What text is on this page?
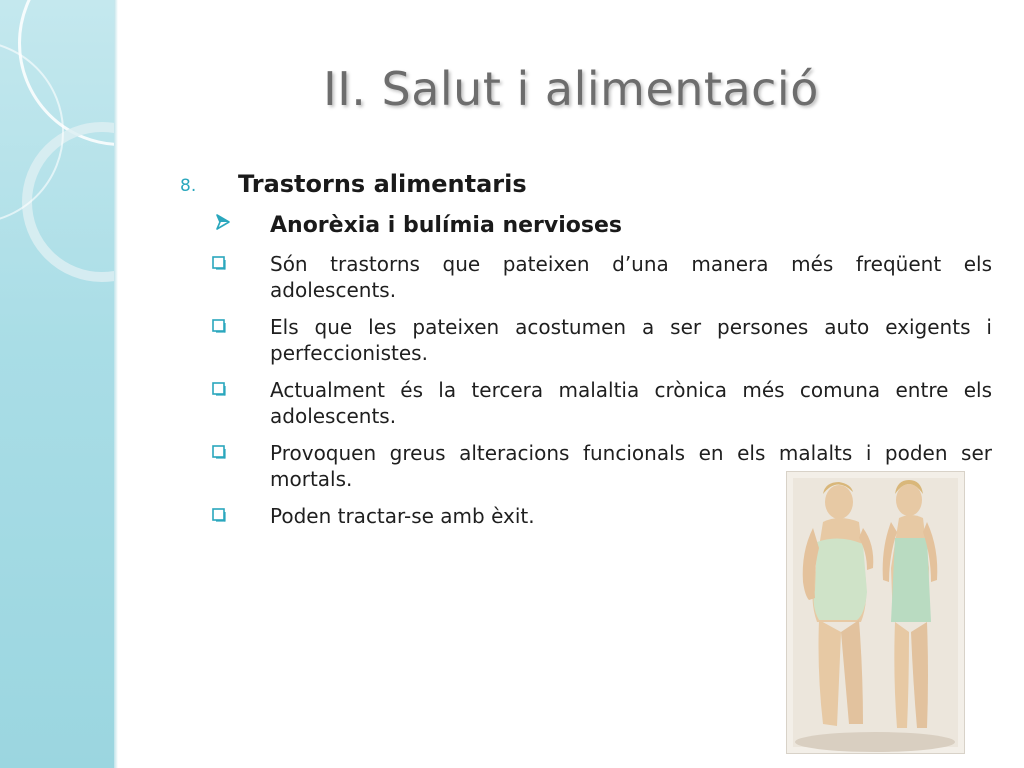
II. Salut i alimentació
8. Trastorns alimentaris
Anorèxia i bulímia nervioses
Són trastorns que pateixen d’una manera més freqüent els adolescents.
Els que les pateixen acostumen a ser persones auto exigents i perfeccionistes.
Actualment és la tercera malaltia crònica més comuna entre els adolescents.
Provoquen greus alteracions funcionals en els malalts i poden ser mortals.
Poden tractar-se amb èxit.
